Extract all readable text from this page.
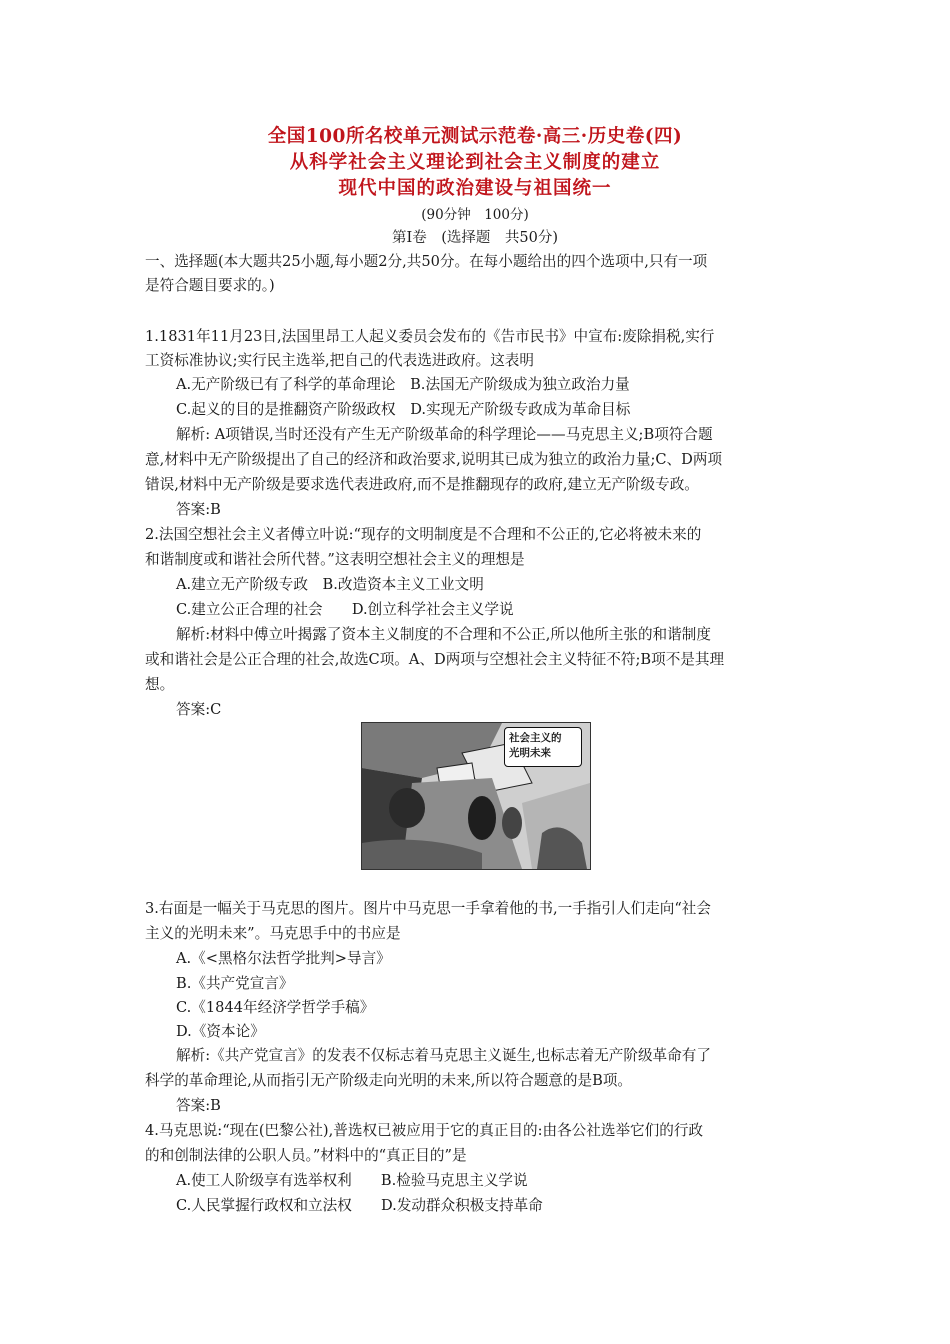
全国100所名校单元测试示范卷·高三·历史卷(四)
从科学社会主义理论到社会主义制度的建立
现代中国的政治建设与祖国统一
(90分钟　100分)
第Ⅰ卷　(选择题　共50分)
一、选择题(本大题共25小题,每小题2分,共50分。在每小题给出的四个选项中,只有一项
是符合题目要求的。)
1.1831年11月23日,法国里昂工人起义委员会发布的《告市民书》中宣布:废除捐税,实行
工资标准协议;实行民主选举,把自己的代表选进政府。这表明
A.无产阶级已有了科学的革命理论　B.法国无产阶级成为独立政治力量
C.起义的目的是推翻资产阶级政权　D.实现无产阶级专政成为革命目标
解析: A项错误,当时还没有产生无产阶级革命的科学理论——马克思主义;B项符合题
意,材料中无产阶级提出了自己的经济和政治要求,说明其已成为独立的政治力量;C、D两项
错误,材料中无产阶级是要求选代表进政府,而不是推翻现存的政府,建立无产阶级专政。
答案:B
2.法国空想社会主义者傅立叶说:“现存的文明制度是不合理和不公正的,它必将被未来的
和谐制度或和谐社会所代替。”这表明空想社会主义的理想是
A.建立无产阶级专政　B.改造资本主义工业文明
C.建立公正合理的社会　　D.创立科学社会主义学说
解析:材料中傅立叶揭露了资本主义制度的不合理和不公正,所以他所主张的和谐制度
或和谐社会是公正合理的社会,故选C项。A、D两项与空想社会主义特征不符;B项不是其理
想。
答案:C
社会主义的
光明未来
3.右面是一幅关于马克思的图片。图片中马克思一手拿着他的书,一手指引人们走向“社会
主义的光明未来”。马克思手中的书应是
A.《<黑格尔法哲学批判>导言》
B.《共产党宣言》
C.《1844年经济学哲学手稿》
D.《资本论》
解析:《共产党宣言》的发表不仅标志着马克思主义诞生,也标志着无产阶级革命有了
科学的革命理论,从而指引无产阶级走向光明的未来,所以符合题意的是B项。
答案:B
4.马克思说:“现在(巴黎公社),普选权已被应用于它的真正目的:由各公社选举它们的行政
的和创制法律的公职人员。”材料中的“真正目的”是
A.使工人阶级享有选举权利　　B.检验马克思主义学说
C.人民掌握行政权和立法权　　D.发动群众积极支持革命
